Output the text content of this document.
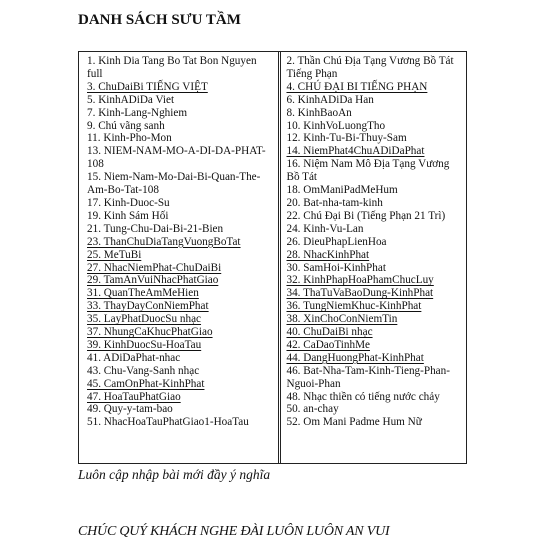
DANH SÁCH SƯU TẦM
1. Kinh Dia Tang Bo Tat Bon Nguyen full
3. ChuDaiBi TIẾNG VIỆT
5. KinhADiDa Viet
7. Kinh-Lang-Nghiem
9. Chú vãng sanh
11. Kinh-Pho-Mon
13. NIEM-NAM-MO-A-DI-DA-PHAT-108
15. Niem-Nam-Mo-Dai-Bi-Quan-The-Am-Bo-Tat-108
17. Kinh-Duoc-Su
19. Kinh Sám Hối
21. Tung-Chu-Dai-Bi-21-Bien
23. ThanChuDiaTangVuongBoTat
25. MeTuBi
27. NhacNiemPhat-ChuDaiBi
29. TamAnVuiNhacPhatGiao
31. QuanTheAmMeHien
33. ThayDayConNiemPhat
35. LayPhatDuocSu nhạc
37. NhungCaKhucPhatGiao
39. KinhDuocSu-HoaTau
41. ADiDaPhat-nhac
43. Chu-Vang-Sanh nhạc
45. CamOnPhat-KinhPhat
47. HoaTauPhatGiao
49. Quy-y-tam-bao
51. NhacHoaTauPhatGiao1-HoaTau
2. Thần Chú Địa Tạng Vương Bồ Tát Tiếng Phạn
4. CHÚ ĐẠI BI TIẾNG PHẠN
6. KinhADiDa Han
8. KinhBaoAn
10. KinhVoLuongTho
12. Kinh-Tu-Bi-Thuy-Sam
14. NiemPhat4ChuADiDaPhat
16. Niệm Nam Mô Địa Tạng Vương Bồ Tát
18. OmManiPadMeHum
20. Bat-nha-tam-kinh
22. Chú Đại Bi (Tiếng Phạn 21 Trì)
24. Kinh-Vu-Lan
26. DieuPhapLienHoa
28. NhacKinhPhat
30. SamHoi-KinhPhat
32. KinhPhapHoaPhamChucLuy
34. ThaTuVaBaoDung-KinhPhat
36. TungNiemKhuc-KinhPhat
38. XinChoConNiemTin
40. ChuDaiBi nhạc
42. CaDaoTinhMe
44. DangHuongPhat-KinhPhat
46. Bat-Nha-Tam-Kinh-Tieng-Phan-Nguoi-Phan
48. Nhạc thiền có tiếng nước chảy
50. an-chay
52. Om Mani Padme Hum Nữ
Luôn cập nhập bài mới đầy ý nghĩa
CHÚC QUÝ KHÁCH NGHE ĐÀI LUÔN LUÔN AN VUI
